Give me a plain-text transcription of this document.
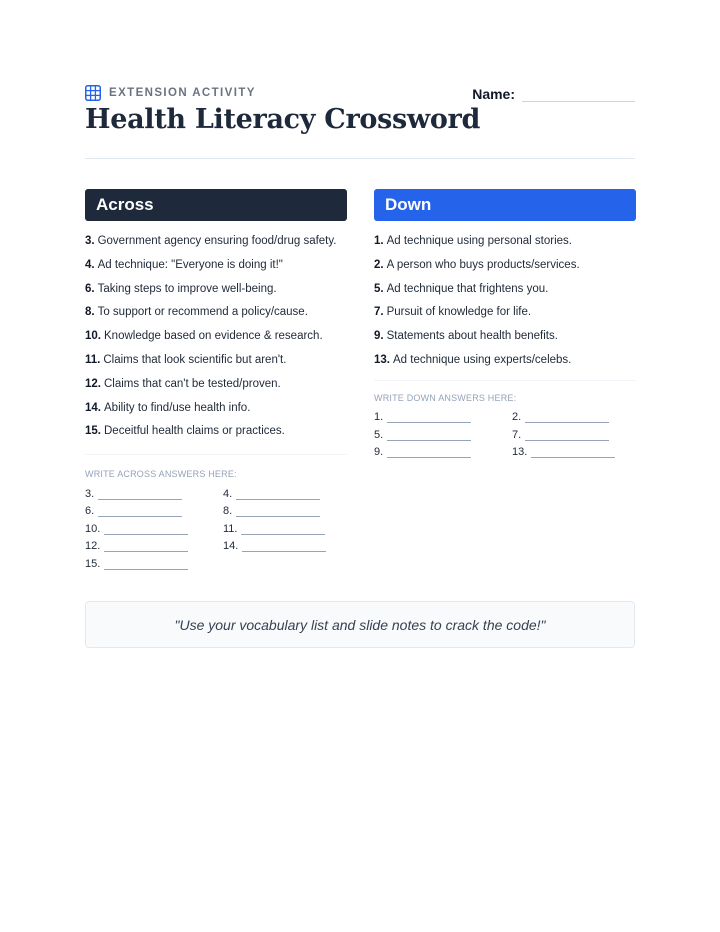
EXTENSION ACTIVITY
Health Literacy Crossword
Name:
Across
3. Government agency ensuring food/drug safety.
4. Ad technique: "Everyone is doing it!"
6. Taking steps to improve well-being.
8. To support or recommend a policy/cause.
10. Knowledge based on evidence & research.
11. Claims that look scientific but aren't.
12. Claims that can't be tested/proven.
14. Ability to find/use health info.
15. Deceitful health claims or practices.
WRITE ACROSS ANSWERS HERE:
3.	4.
6.	8.
10.	11.
12.	14.
15.
Down
1. Ad technique using personal stories.
2. A person who buys products/services.
5. Ad technique that frightens you.
7. Pursuit of knowledge for life.
9. Statements about health benefits.
13. Ad technique using experts/celebs.
WRITE DOWN ANSWERS HERE:
1.	2.
5.	7.
9.	13.
"Use your vocabulary list and slide notes to crack the code!"
